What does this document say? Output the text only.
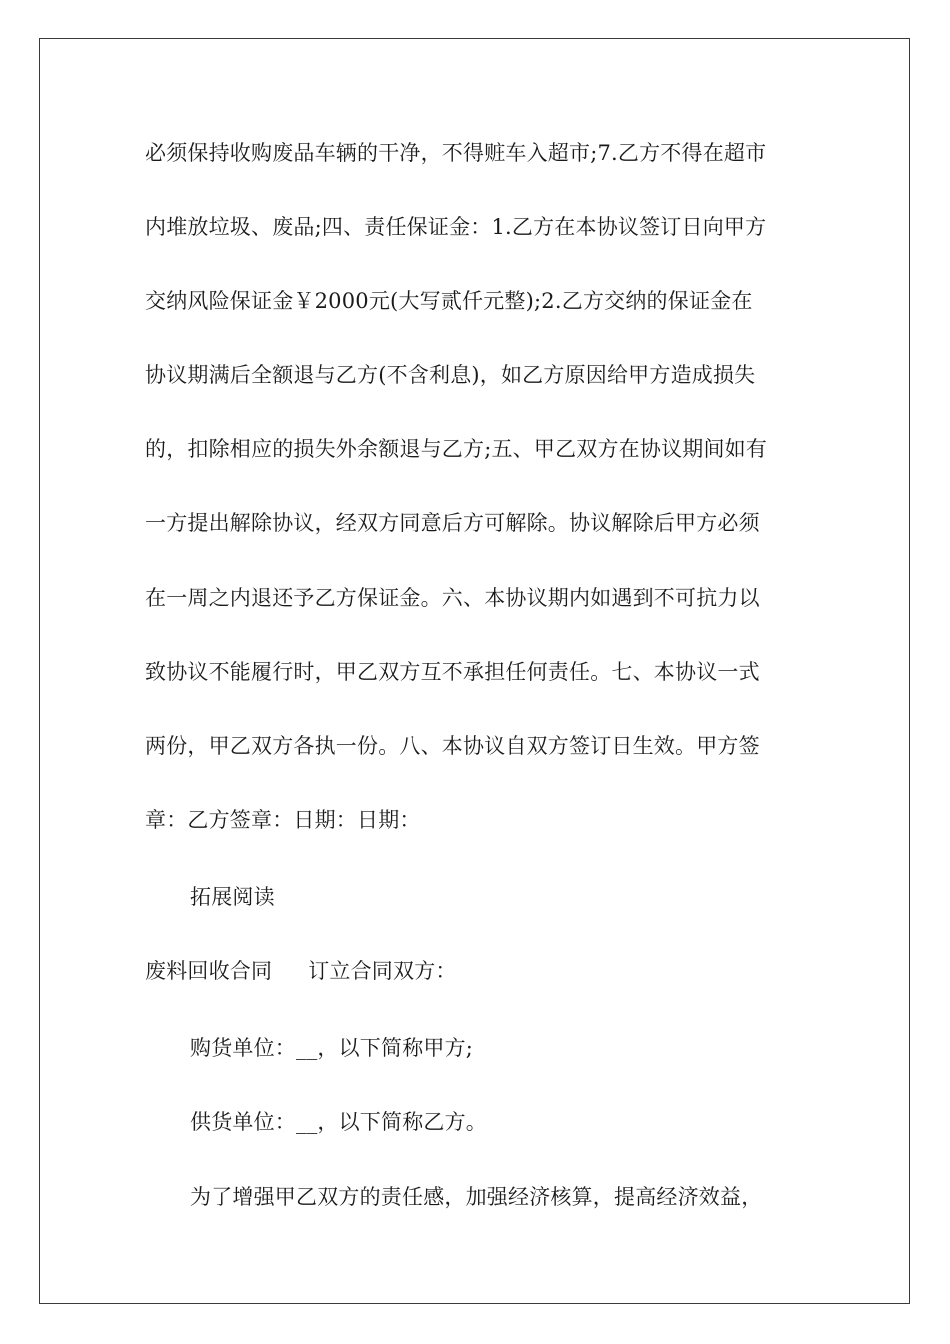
必须保持收购废品车辆的干净，不得赃车入超市;7.乙方不得在超市
内堆放垃圾、废品;四、责任保证金：1.乙方在本协议签订日向甲方
交纳风险保证金￥2000元(大写贰仟元整);2.乙方交纳的保证金在
协议期满后全额退与乙方(不含利息)，如乙方原因给甲方造成损失
的，扣除相应的损失外余额退与乙方;五、甲乙双方在协议期间如有
一方提出解除协议，经双方同意后方可解除。协议解除后甲方必须
在一周之内退还予乙方保证金。六、本协议期内如遇到不可抗力以
致协议不能履行时，甲乙双方互不承担任何责任。七、本协议一式
两份，甲乙双方各执一份。八、本协议自双方签订日生效。甲方签
章：乙方签章：日期：日期：
拓展阅读
废料回收合同 订立合同双方：
购货单位：__，以下简称甲方;
供货单位：__，以下简称乙方。
为了增强甲乙双方的责任感，加强经济核算，提高经济效益，
